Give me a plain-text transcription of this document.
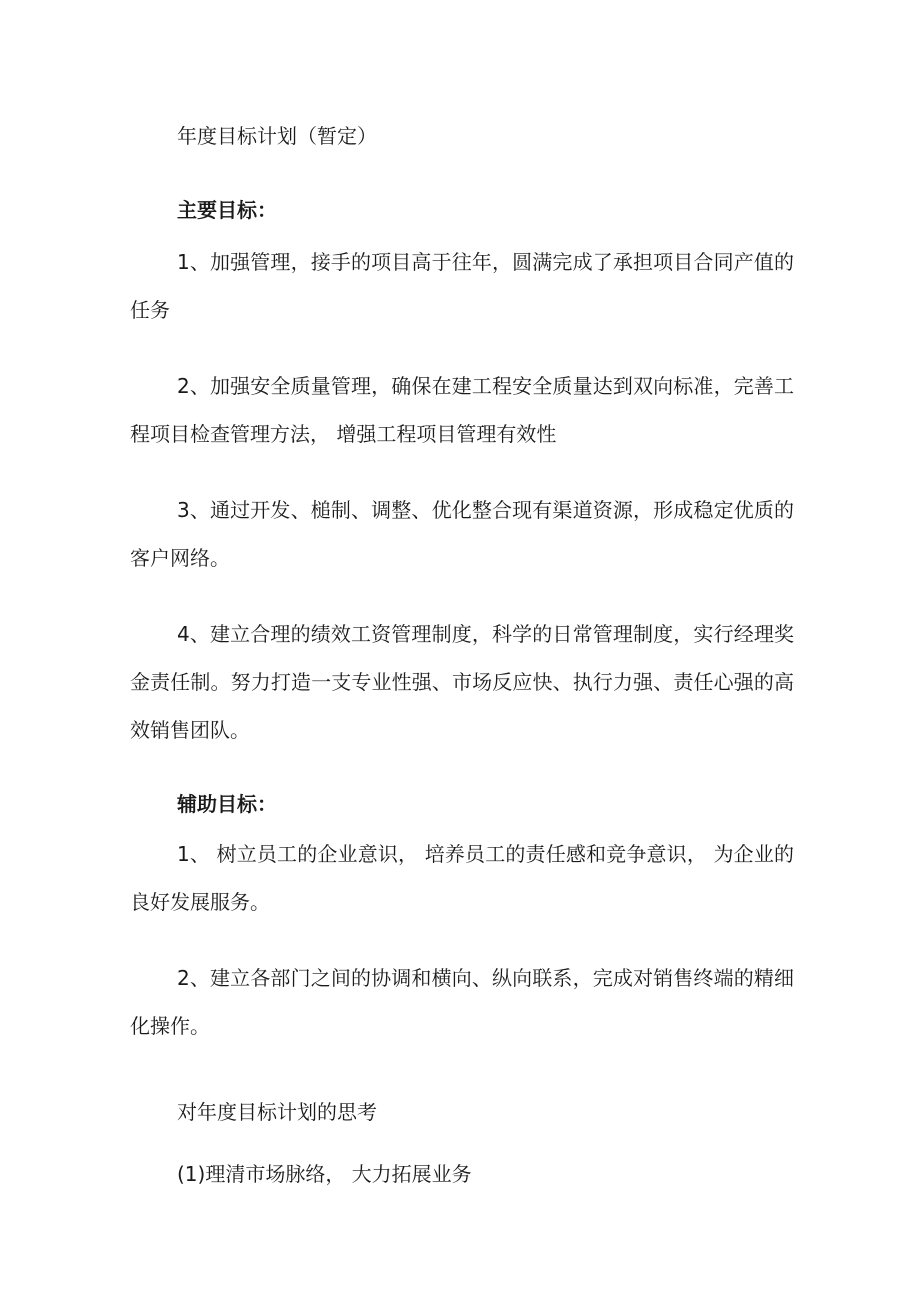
年度目标计划（暂定）

主要目标：

1、加强管理，接手的项目高于往年，圆满完成了承担项目合同产值的任务

2、加强安全质量管理，确保在建工程安全质量达到双向标准，完善工程项目检查管理方法， 增强工程项目管理有效性

3、通过开发、槌制、调整、优化整合现有渠道资源，形成稳定优质的客户网络。

4、建立合理的绩效工资管理制度，科学的日常管理制度，实行经理奖金责任制。努力打造一支专业性强、市场反应快、执行力强、责任心强的高效销售团队。

辅助目标：

1、 树立员工的企业意识， 培养员工的责任感和竞争意识， 为企业的良好发展服务。

2、建立各部门之间的协调和横向、纵向联系，完成对销售终端的精细化操作。

对年度目标计划的思考

(1)理清市场脉络， 大力拓展业务
